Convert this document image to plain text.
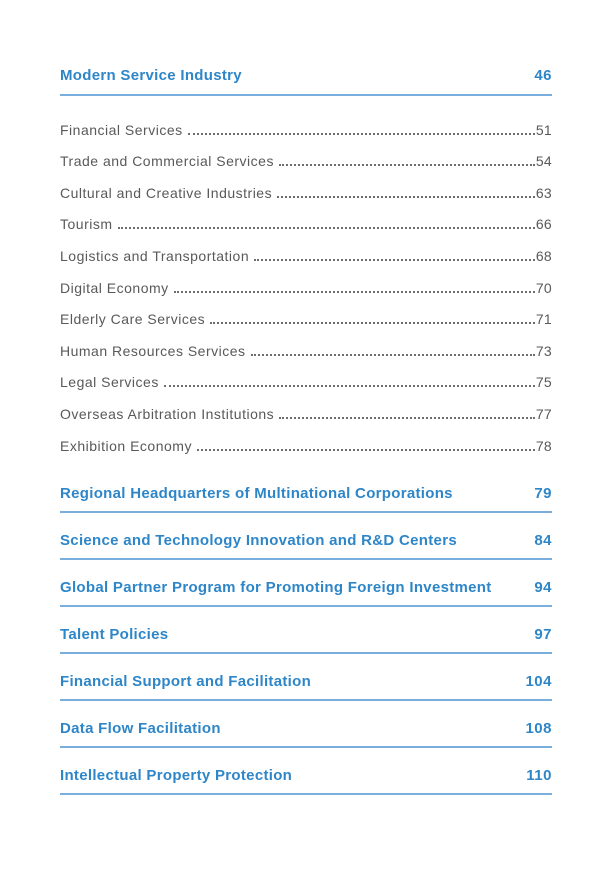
Modern Service Industry	46
Financial Services	51
Trade and Commercial Services	54
Cultural and Creative Industries	63
Tourism	66
Logistics and Transportation	68
Digital Economy	70
Elderly Care Services	71
Human Resources Services	73
Legal Services	75
Overseas Arbitration Institutions	77
Exhibition Economy	78
Regional Headquarters of Multinational Corporations	79
Science and Technology Innovation and R&D Centers	84
Global Partner Program for Promoting Foreign Investment	94
Talent Policies	97
Financial Support and Facilitation	104
Data Flow Facilitation	108
Intellectual Property Protection	110
